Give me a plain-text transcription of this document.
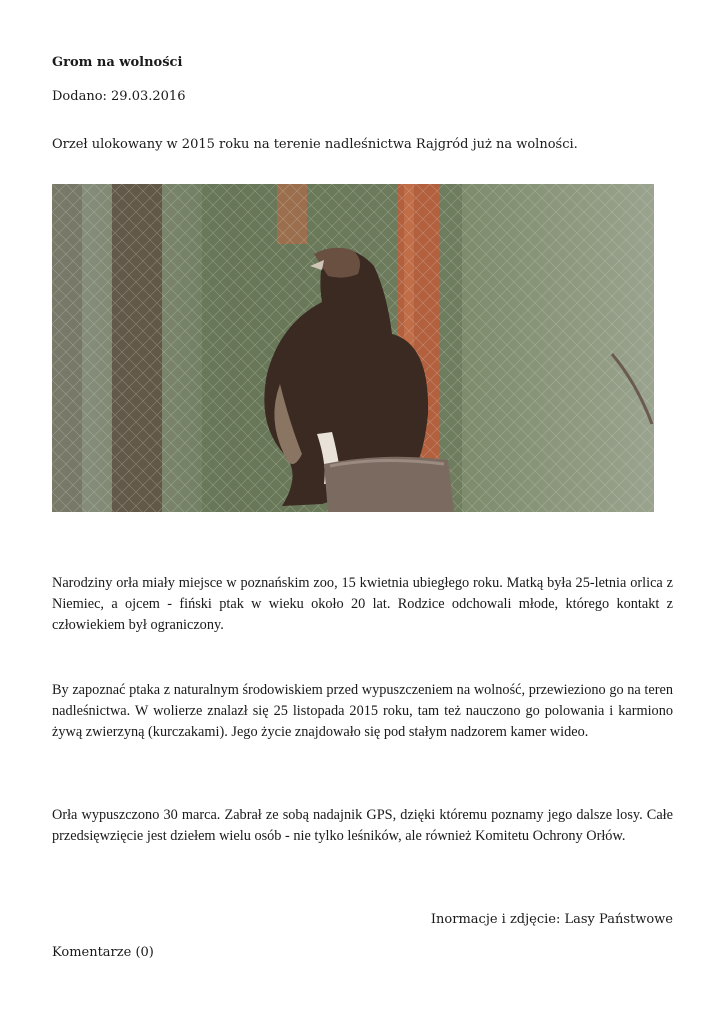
Grom na wolności
Dodano: 29.03.2016
Orzeł ulokowany w 2015 roku na terenie nadleśnictwa Rajgród już na wolności.
Narodziny orła miały miejsce w poznańskim zoo, 15 kwietnia ubiegłego roku. Matką była 25-letnia orlica z Niemiec, a ojcem - fiński ptak w wieku około 20 lat. Rodzice odchowali młode, którego kontakt z człowiekiem był ograniczony.
By zapoznać ptaka z naturalnym środowiskiem przed wypuszczeniem na wolność, przewieziono go na teren nadleśnictwa. W wolierze znalazł się 25 listopada 2015 roku, tam też nauczono go polowania i karmiono żywą zwierzyną (kurczakami). Jego życie znajdowało się pod stałym nadzorem kamer wideo.
Orła wypuszczono 30 marca. Zabrał ze sobą nadajnik GPS, dzięki któremu poznamy jego dalsze losy. Całe przedsięwzięcie jest dziełem wielu osób - nie tylko leśników, ale również Komitetu Ochrony Orłów.
Inormacje i zdjęcie: Lasy Państwowe
Komentarze (0)
